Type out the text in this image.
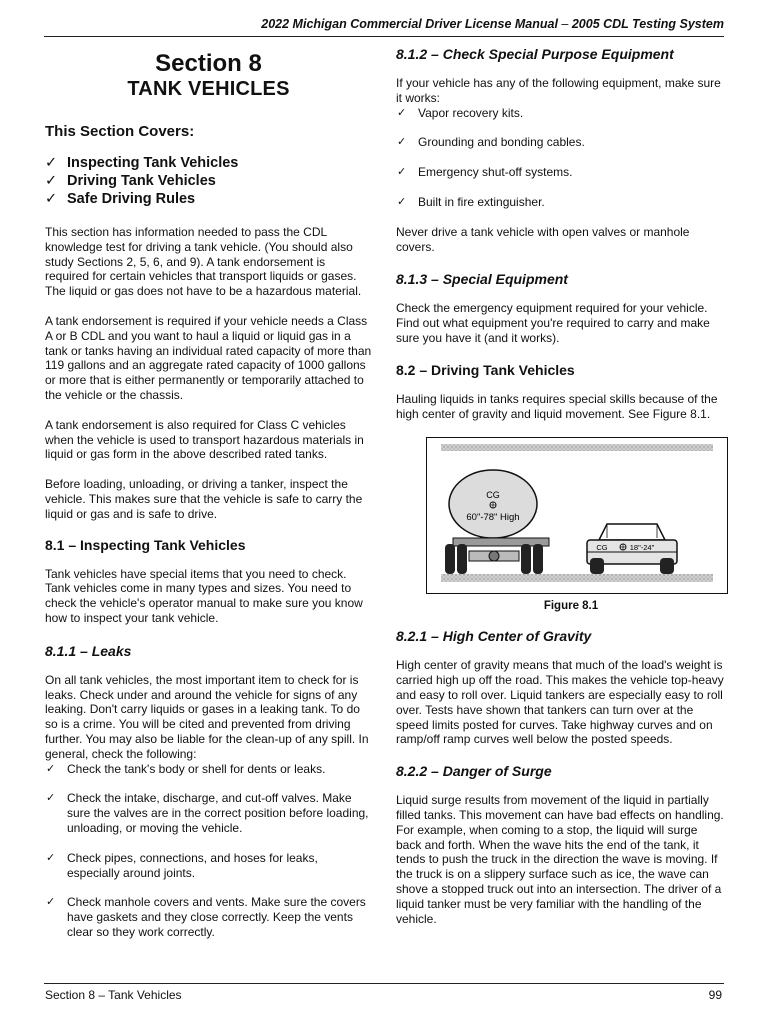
2022 Michigan Commercial Driver License Manual – 2005 CDL Testing System
Section 8
TANK VEHICLES
This Section Covers:
✓ Inspecting Tank Vehicles
✓ Driving Tank Vehicles
✓ Safe Driving Rules

This section has information needed to pass the CDL knowledge test for driving a tank vehicle. (You should also study Sections 2, 5, 6, and 9). A tank endorsement is required for certain vehicles that transport liquids or gases. The liquid or gas does not have to be a hazardous material.

A tank endorsement is required if your vehicle needs a Class A or B CDL and you want to haul a liquid or liquid gas in a tank or tanks having an individual rated capacity of more than 119 gallons and an aggregate rated capacity of 1000 gallons or more that is either permanently or temporarily attached to the vehicle or the chassis.

A tank endorsement is also required for Class C vehicles when the vehicle is used to transport hazardous materials in liquid or gas form in the above described rated tanks.

Before loading, unloading, or driving a tanker, inspect the vehicle. This makes sure that the vehicle is safe to carry the liquid or gas and is safe to drive.

8.1 – Inspecting Tank Vehicles

Tank vehicles have special items that you need to check. Tank vehicles come in many types and sizes. You need to check the vehicle's operator manual to make sure you know how to inspect your tank vehicle.

8.1.1 – Leaks

On all tank vehicles, the most important item to check for is leaks. Check under and around the vehicle for signs of any leaking. Don't carry liquids or gases in a leaking tank. To do so is a crime. You will be cited and prevented from driving further. You may also be liable for the clean-up of any spill. In general, check the following:

✓ Check the tank's body or shell for dents or leaks.
✓ Check the intake, discharge, and cut-off valves. Make sure the valves are in the correct position before loading, unloading, or moving the vehicle.
✓ Check pipes, connections, and hoses for leaks, especially around joints.
✓ Check manhole covers and vents. Make sure the covers have gaskets and they close correctly. Keep the vents clear so they work correctly.
8.1.2 – Check Special Purpose Equipment

If your vehicle has any of the following equipment, make sure it works:

✓ Vapor recovery kits.
✓ Grounding and bonding cables.
✓ Emergency shut-off systems.
✓ Built in fire extinguisher.

Never drive a tank vehicle with open valves or manhole covers.

8.1.3 – Special Equipment

Check the emergency equipment required for your vehicle. Find out what equipment you're required to carry and make sure you have it (and it works).

8.2 – Driving Tank Vehicles

Hauling liquids in tanks requires special skills because of the high center of gravity and liquid movement. See Figure 8.1.

CG
60"-78" High
CG	18"-24"
Figure 8.1
8.2.1 – High Center of Gravity

High center of gravity means that much of the load's weight is carried high up off the road. This makes the vehicle top-heavy and easy to roll over. Liquid tankers are especially easy to roll over. Tests have shown that tankers can turn over at the speed limits posted for curves. Take highway curves and on ramp/off ramp curves well below the posted speeds.

8.2.2 – Danger of Surge

Liquid surge results from movement of the liquid in partially filled tanks. This movement can have bad effects on handling. For example, when coming to a stop, the liquid will surge back and forth. When the wave hits the end of the tank, it tends to push the truck in the direction the wave is moving. If the truck is on a slippery surface such as ice, the wave can shove a stopped truck out into an intersection. The driver of a liquid tanker must be very familiar with the handling of the vehicle.

Section 8 – Tank Vehicles	99
